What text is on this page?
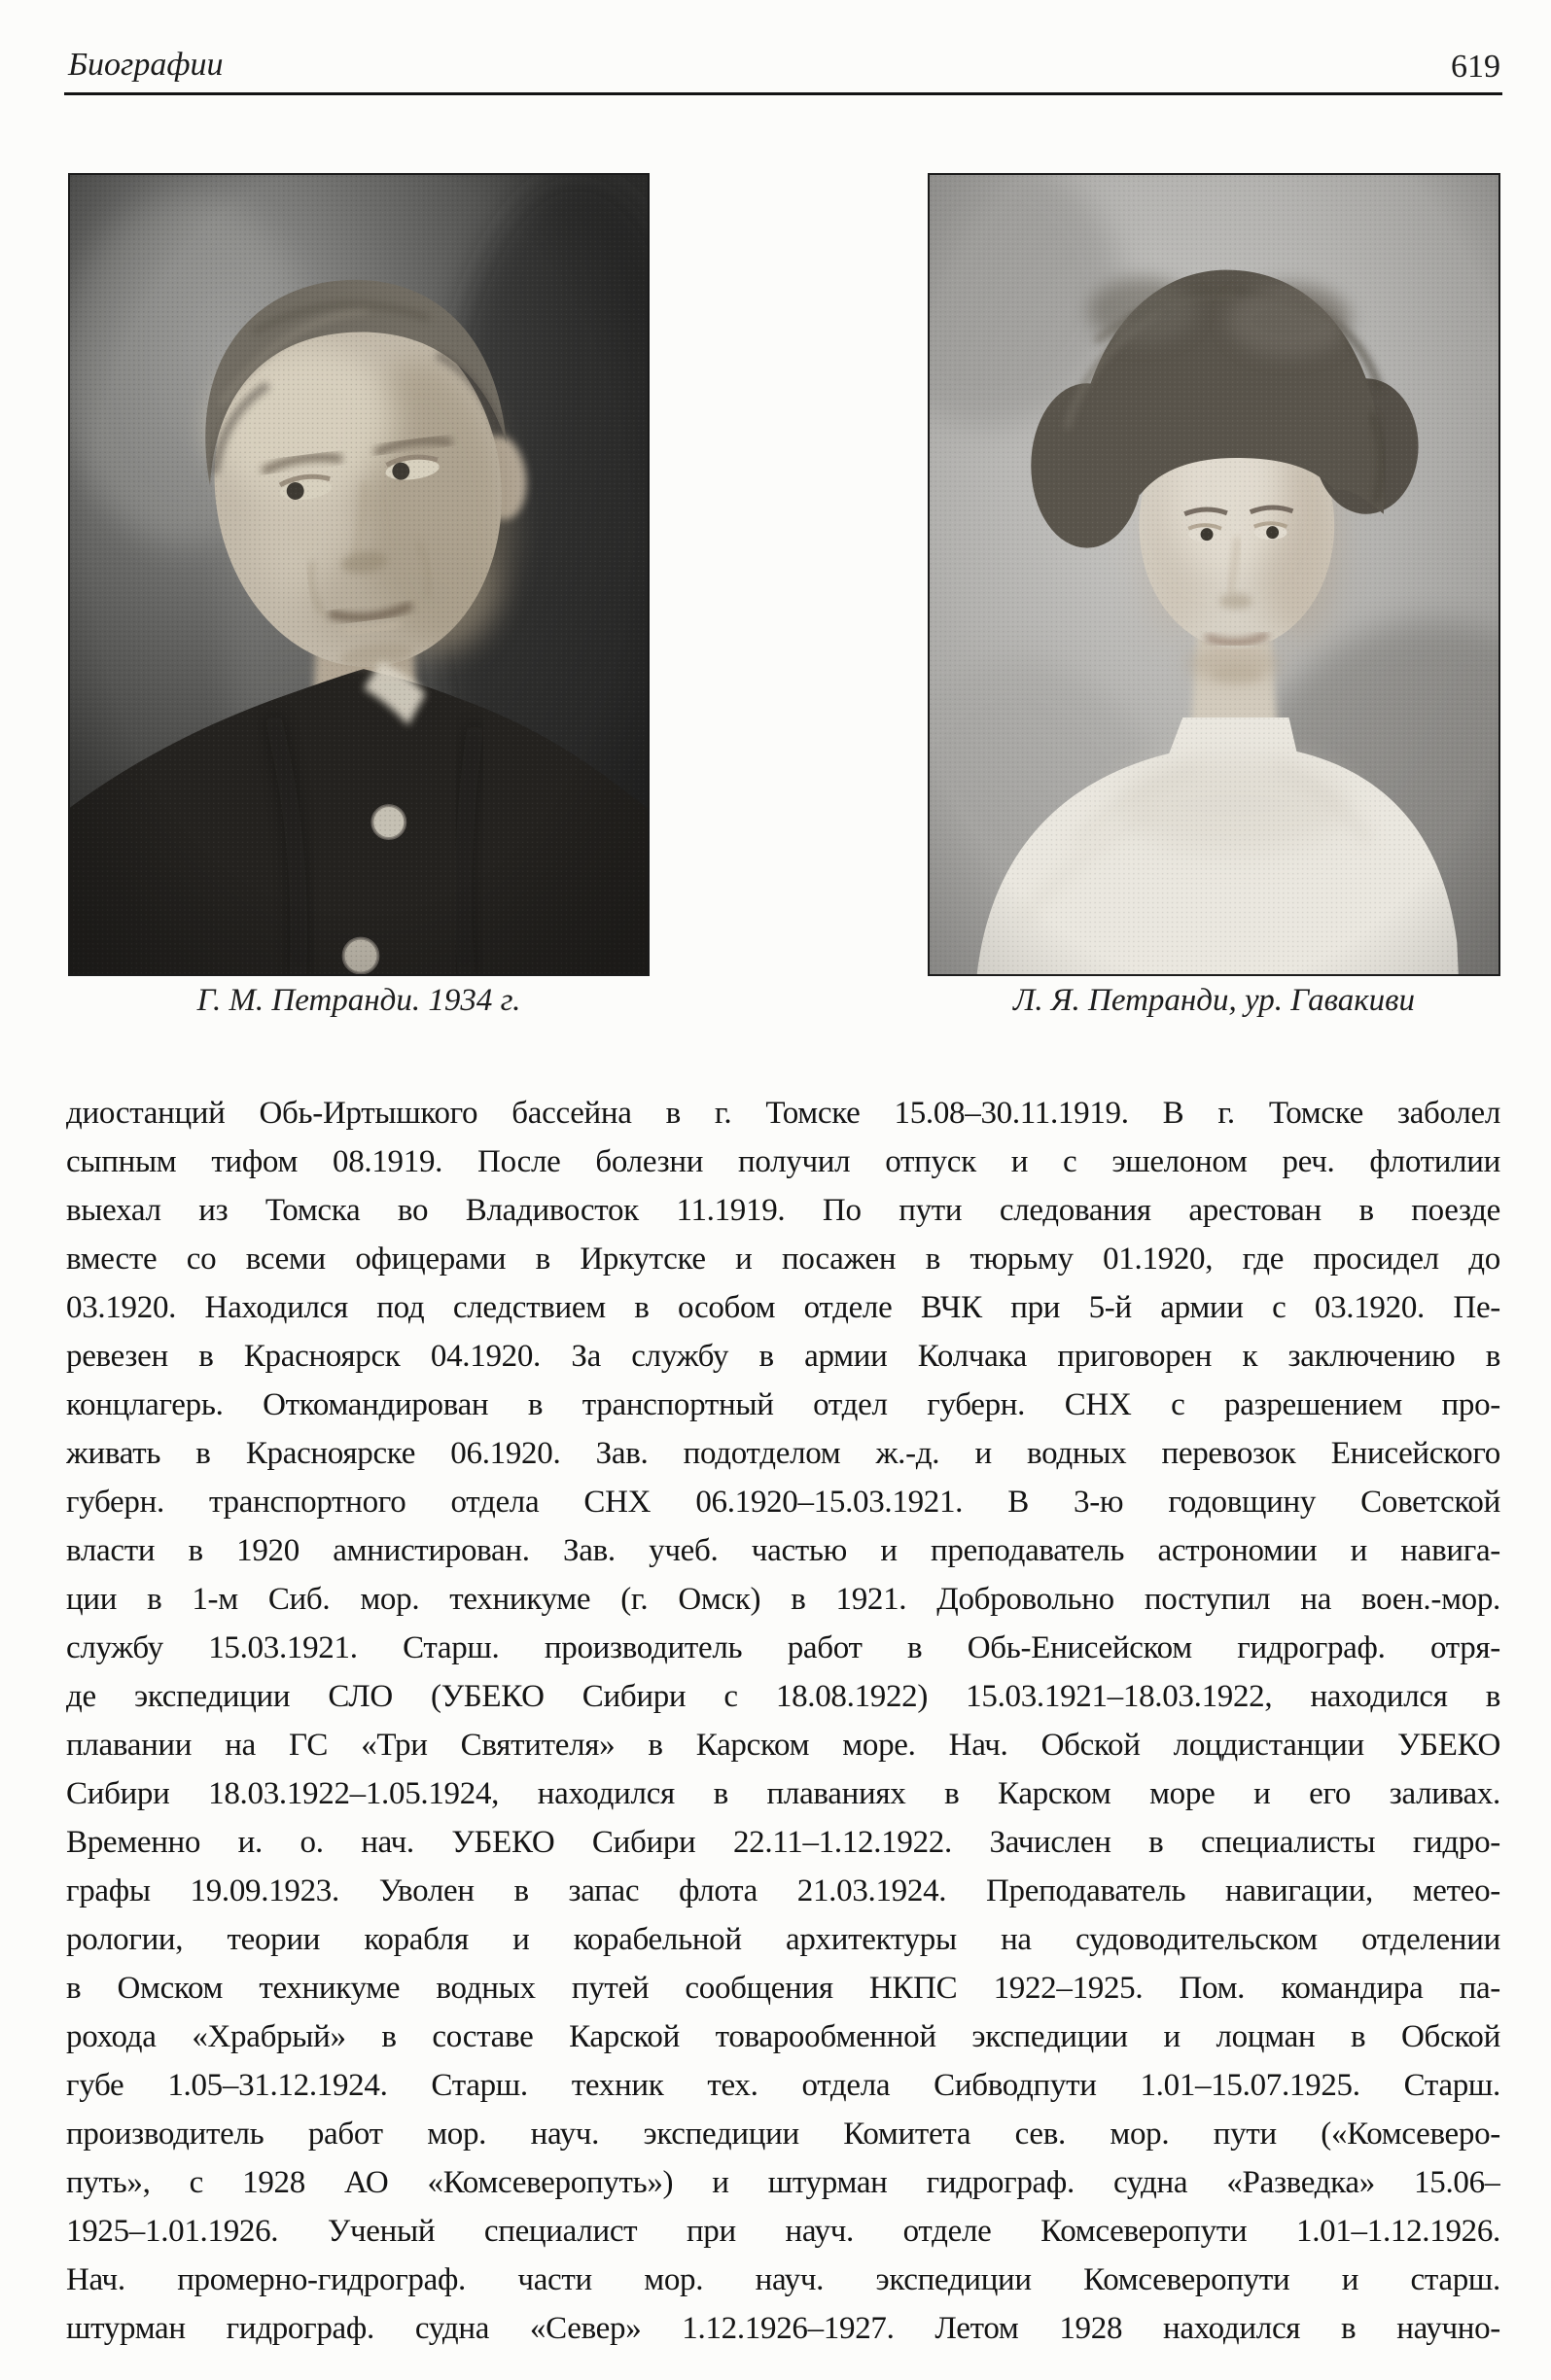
Биографии	619
Г. М. Петранди. 1934 г.	Л. Я. Петранди, ур. Гавакиви
диостанций Обь-Иртышкого бассейна в г. Томске 15.08–30.11.1919. В г. Томске заболел
сыпным тифом 08.1919. После болезни получил отпуск и с эшелоном реч. флотилии
выехал из Томска во Владивосток 11.1919. По пути следования арестован в поезде
вместе со всеми офицерами в Иркутске и посажен в тюрьму 01.1920, где просидел до
03.1920. Находился под следствием в особом отделе ВЧК при 5-й армии с 03.1920. Пе-
ревезен в Красноярск 04.1920. За службу в армии Колчака приговорен к заключению в
концлагерь. Откомандирован в транспортный отдел губерн. СНХ с разрешением про-
живать в Красноярске 06.1920. Зав. подотделом ж.-д. и водных перевозок Енисейского
губерн. транспортного отдела СНХ 06.1920–15.03.1921. В 3-ю годовщину Советской
власти в 1920 амнистирован. Зав. учеб. частью и преподаватель астрономии и навига-
ции в 1-м Сиб. мор. техникуме (г. Омск) в 1921. Добровольно поступил на воен.-мор.
службу 15.03.1921. Старш. производитель работ в Обь-Енисейском гидрограф. отря-
де экспедиции СЛО (УБЕКО Сибири с 18.08.1922) 15.03.1921–18.03.1922, находился в
плавании на ГС «Три Святителя» в Карском море. Нач. Обской лоцдистанции УБЕКО
Сибири 18.03.1922–1.05.1924, находился в плаваниях в Карском море и его заливах.
Временно и. о. нач. УБЕКО Сибири 22.11–1.12.1922. Зачислен в специалисты гидро-
графы 19.09.1923. Уволен в запас флота 21.03.1924. Преподаватель навигации, метео-
рологии, теории корабля и корабельной архитектуры на судоводительском отделении
в Омском техникуме водных путей сообщения НКПС 1922–1925. Пом. командира па-
рохода «Храбрый» в составе Карской товарообменной экспедиции и лоцман в Обской
губе 1.05–31.12.1924. Старш. техник тех. отдела Сибводпути 1.01–15.07.1925. Старш.
производитель работ мор. науч. экспедиции Комитета сев. мор. пути («Комсеверо-
путь», с 1928 АО «Комсеверопуть») и штурман гидрограф. судна «Разведка» 15.06–
1925–1.01.1926. Ученый специалист при науч. отделе Комсеверопути 1.01–1.12.1926.
Нач. промерно-гидрограф. части мор. науч. экспедиции Комсеверопути и старш.
штурман гидрограф. судна «Север» 1.12.1926–1927. Летом 1928 находился в научно-
